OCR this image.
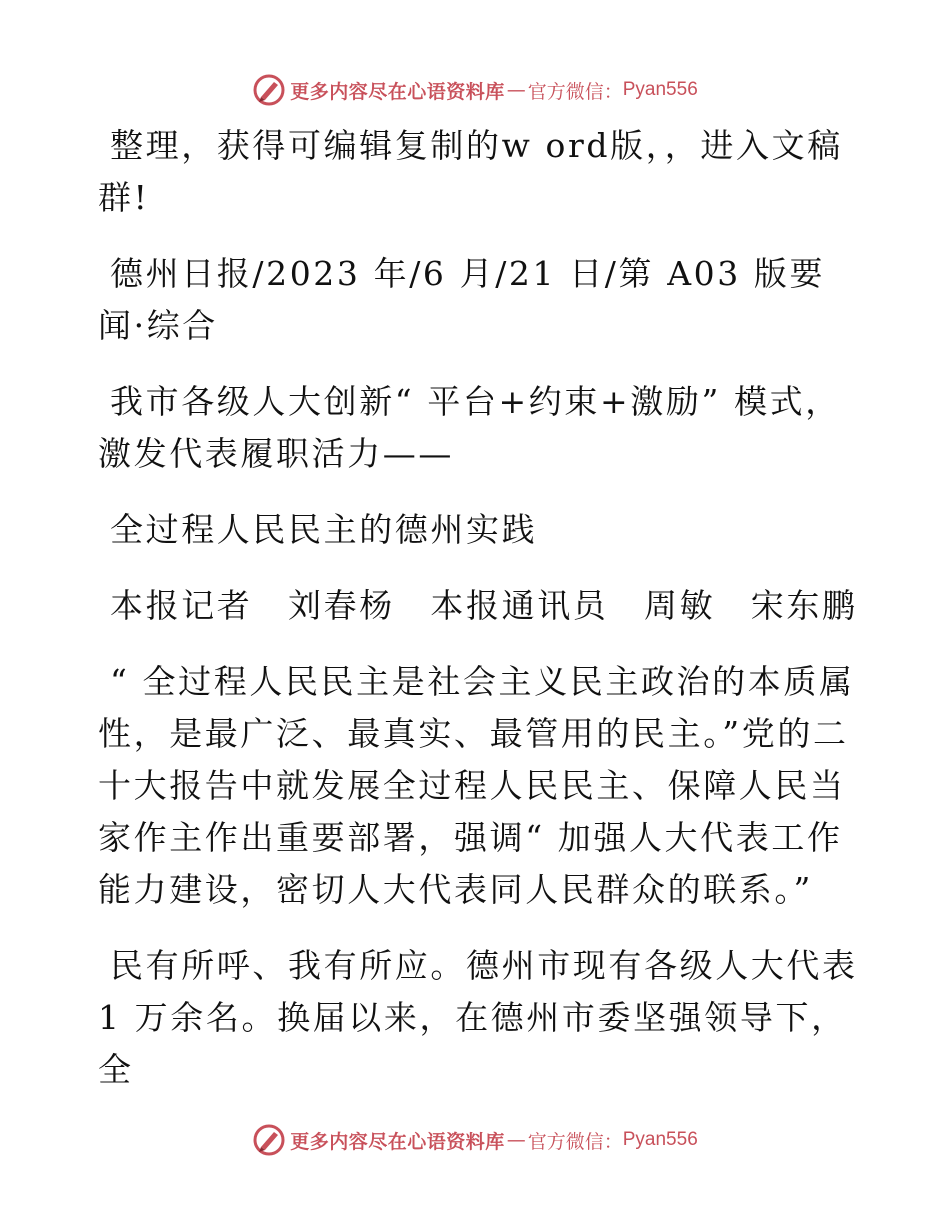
更多内容尽在心语资料库 — 官方微信： Pyan556

整理，获得可编辑复制的w ord版，，进入文稿群!

德州日报/2023 年/6 月/21 日/第 A03 版要闻·综合

我市各级人大创新“ 平台+约束+激励” 模式，激发代表履职活力——

全过程人民民主的德州实践

本报记者　刘春杨　本报通讯员　周敏　宋东鹏

“ 全过程人民民主是社会主义民主政治的本质属性，是最广泛、最真实、最管用的民主。”党的二十大报告中就发展全过程人民民主、保障人民当家作主作出重要部署，强调“ 加强人大代表工作能力建设，密切人大代表同人民群众的联系。”

民有所呼、我有所应。德州市现有各级人大代表1 万余名。换届以来，在德州市委坚强领导下，全

更多内容尽在心语资料库 — 官方微信： Pyan556
